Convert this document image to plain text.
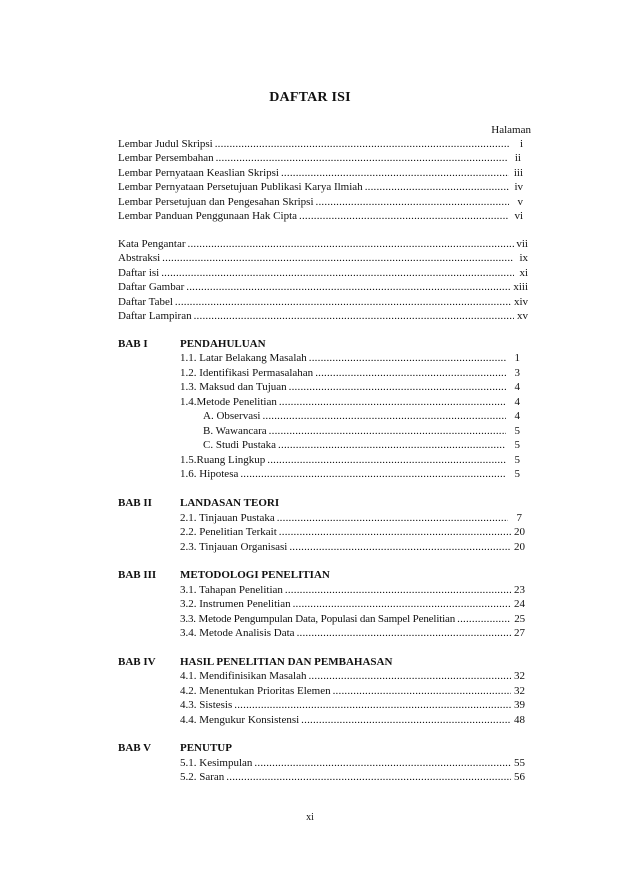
DAFTAR ISI
Halaman
Lembar Judul Skripsi .....	i
Lembar Persembahan .....	ii
Lembar Pernyataan Keaslian Skripsi .....	iii
Lembar Pernyataan Persetujuan Publikasi Karya Ilmiah .....	iv
Lembar Persetujuan dan Pengesahan Skripsi .....	v
Lembar Panduan Penggunaan Hak Cipta .....	vi
Kata Pengantar .....	vii
Abstraksi .....	ix
Daftar isi .....	xi
Daftar Gambar .....	xiii
Daftar Tabel .....	xiv
Daftar Lampiran .....	xv
BAB I	PENDAHULUAN
1.1. Latar Belakang Masalah .....	1
1.2. Identifikasi Permasalahan .....	3
1.3. Maksud dan Tujuan .....	4
1.4.Metode Penelitian .....	4
A. Observasi .....	4
B. Wawancara .....	5
C. Studi Pustaka .....	5
1.5.Ruang Lingkup .....	5
1.6. Hipotesa .....	5
BAB II	LANDASAN TEORI
2.1. Tinjauan Pustaka .....	7
2.2. Penelitian Terkait .....	20
2.3. Tinjauan Organisasi .....	20
BAB III METODOLOGI PENELITIAN
3.1. Tahapan Penelitian .....	23
3.2. Instrumen Penelitian .....	24
3.3. Metode Pengumpulan Data, Populasi dan Sampel Penelitian .....	25
3.4. Metode Analisis Data .....	27
BAB IV HASIL PENELITIAN DAN PEMBAHASAN
4.1. Mendifinisikan Masalah .....	32
4.2. Menentukan Prioritas Elemen .....	32
4.3. Sistesis .....	39
4.4. Mengukur Konsistensi .....	48
BAB V	PENUTUP
5.1. Kesimpulan .....	55
5.2. Saran .....	56
xi
